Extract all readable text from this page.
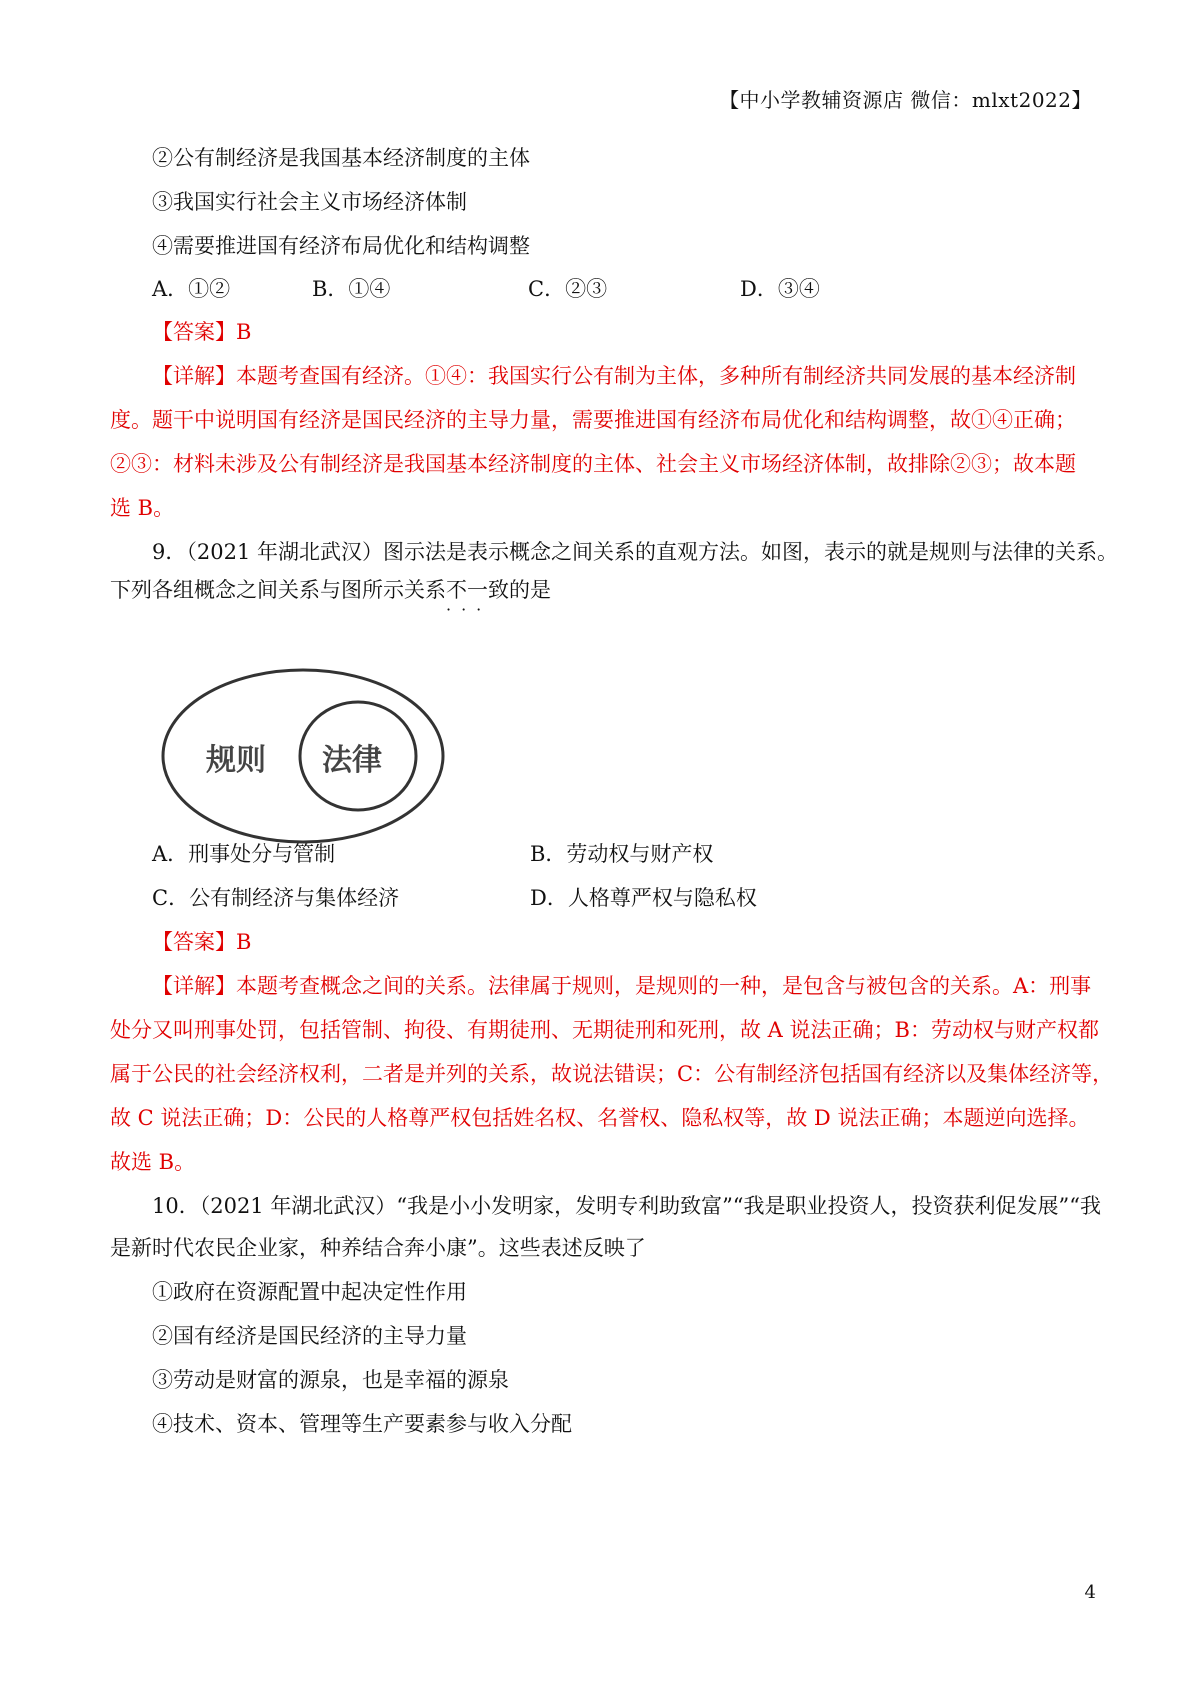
【中小学教辅资源店 微信：mlxt2022】
②公有制经济是我国基本经济制度的主体
③我国实行社会主义市场经济体制
④需要推进国有经济布局优化和结构调整
A．①②	B．①④	C．②③	D．③④
【答案】B
【详解】本题考查国有经济。①④：我国实行公有制为主体，多种所有制经济共同发展的基本经济制
度。题干中说明国有经济是国民经济的主导力量，需要推进国有经济布局优化和结构调整，故①④正确；
②③：材料未涉及公有制经济是我国基本经济制度的主体、社会主义市场经济体制，故排除②③；故本题
选 B。
9．（2021 年湖北武汉）图示法是表示概念之间关系的直观方法。如图，表示的就是规则与法律的关系。
下列各组概念之间关系与图所示关系不一致
···
的是
规则 法律
A．刑事处分与管制	B．劳动权与财产权
C．公有制经济与集体经济	D．人格尊严权与隐私权
【答案】B
【详解】本题考查概念之间的关系。法律属于规则，是规则的一种，是包含与被包含的关系。A：刑事
处分又叫刑事处罚，包括管制、拘役、有期徒刑、无期徒刑和死刑，故 A 说法正确；B：劳动权与财产权都
属于公民的社会经济权利，二者是并列的关系，故说法错误；C：公有制经济包括国有经济以及集体经济等，
故 C 说法正确；D：公民的人格尊严权包括姓名权、名誉权、隐私权等，故 D 说法正确；本题逆向选择。
故选 B。
10．（2021 年湖北武汉）“我是小小发明家，发明专利助致富”“我是职业投资人，投资获利促发展”“我
是新时代农民企业家，种养结合奔小康”。这些表述反映了
①政府在资源配置中起决定性作用
②国有经济是国民经济的主导力量
③劳动是财富的源泉，也是幸福的源泉
④技术、资本、管理等生产要素参与收入分配
4
